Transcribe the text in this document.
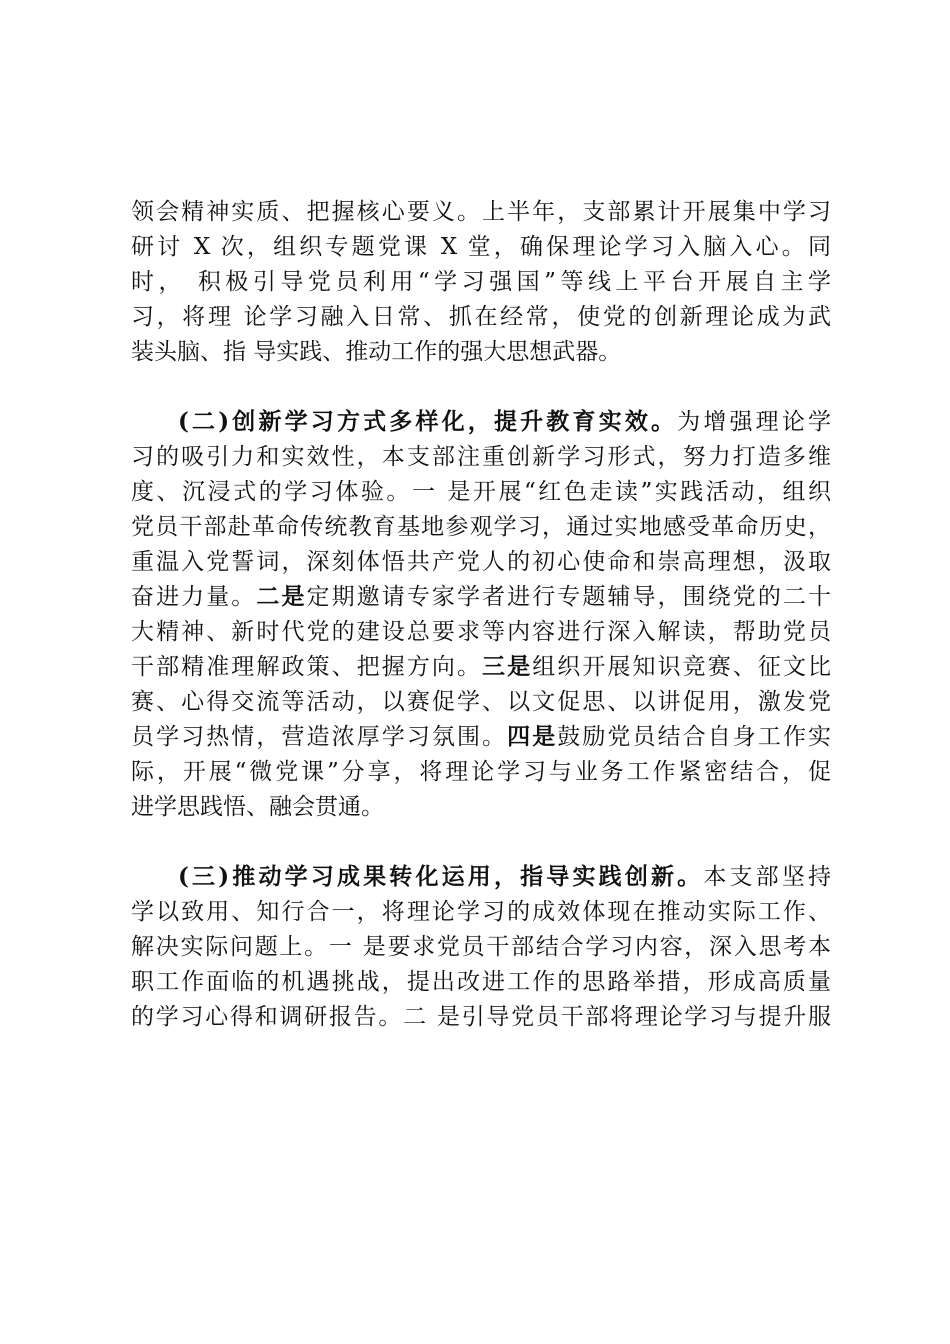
领会精神实质、把握核心要义。上半年，支部累计开展集中学习
研讨 X 次，组织专题党课 X 堂，确保理论学习入脑入心。同
时， 积极引导党员利用“学习强国”等线上平台开展自主学
习，将理 论学习融入日常、抓在经常，使党的创新理论成为武
装头脑、指 导实践、推动工作的强大思想武器。
(二)创新学习方式多样化，提升教育实效。为增强理论学
习的吸引力和实效性，本支部注重创新学习形式，努力打造多维
度、沉浸式的学习体验。一 是开展“红色走读”实践活动，组织
党员干部赴革命传统教育基地参观学习，通过实地感受革命历史，
重温入党誓词，深刻体悟共产党人的初心使命和崇高理想，汲取
奋进力量。二是定期邀请专家学者进行专题辅导，围绕党的二十
大精神、新时代党的建设总要求等内容进行深入解读，帮助党员
干部精准理解政策、把握方向。三是组织开展知识竞赛、征文比
赛、心得交流等活动，以赛促学、以文促思、以讲促用，激发党
员学习热情，营造浓厚学习氛围。四是鼓励党员结合自身工作实
际，开展“微党课”分享，将理论学习与业务工作紧密结合，促
进学思践悟、融会贯通。
(三)推动学习成果转化运用，指导实践创新。本支部坚持
学以致用、知行合一，将理论学习的成效体现在推动实际工作、
解决实际问题上。一 是要求党员干部结合学习内容，深入思考本
职工作面临的机遇挑战，提出改进工作的思路举措，形成高质量
的学习心得和调研报告。二 是引导党员干部将理论学习与提升服
